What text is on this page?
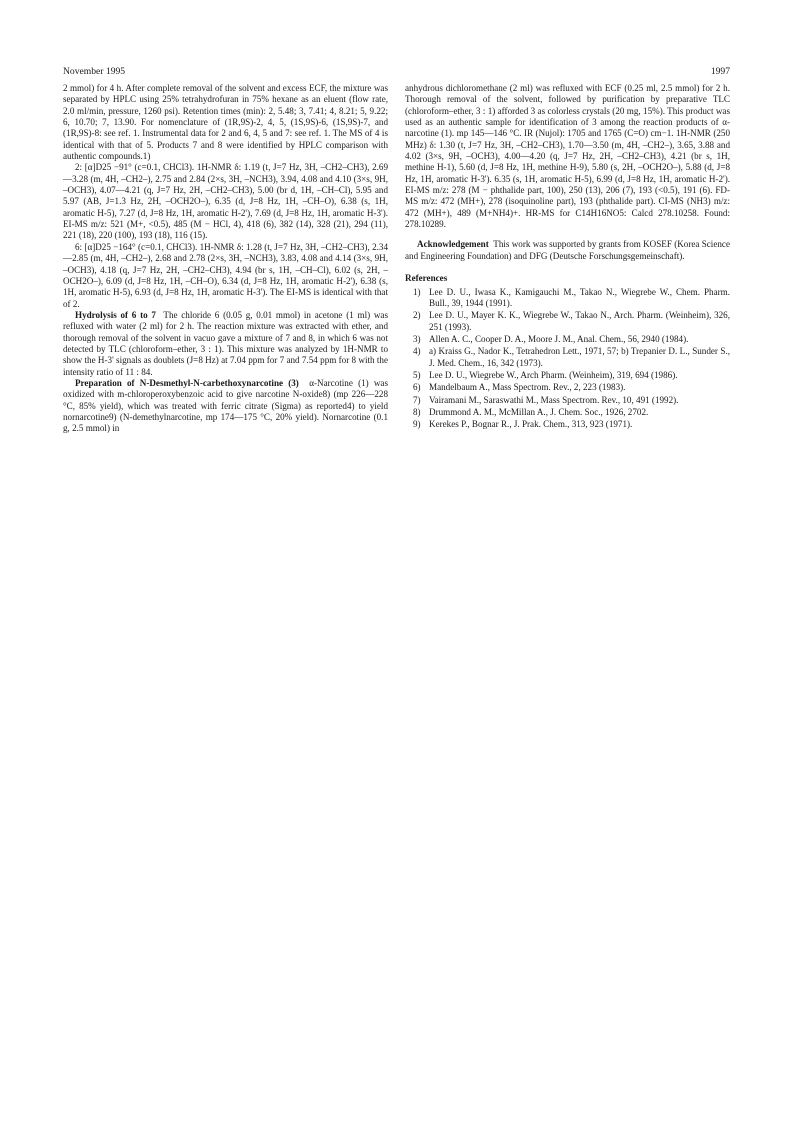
November 1995	1997

2 mmol) for 4 h. After complete removal of the solvent and excess ECF, the mixture was separated by HPLC using 25% tetrahydrofuran in 75% hexane as an eluent (flow rate, 2.0 ml/min, pressure, 1260 psi). Retention times (min): 2, 5.48; 3, 7.41; 4, 8.21; 5, 9.22; 6, 10.70; 7, 13.90. For nomenclature of (1R,9S)-2, 4, 5, (1S,9S)-6, (1S,9S)-7, and (1R,9S)-8: see ref. 1. Instrumental data for 2 and 6, 4, 5 and 7: see ref. 1. The MS of 4 is identical with that of 5. Products 7 and 8 were identified by HPLC comparison with authentic compounds.1)

2: [α]D25 −91° (c=0.1, CHCl3). 1H-NMR δ: 1.19 (t, J=7 Hz, 3H, –CH2–CH3), 2.69—3.28 (m, 4H, –CH2–), 2.75 and 2.84 (2×s, 3H, –NCH3), 3.94, 4.08 and 4.10 (3×s, 9H, –OCH3), 4.07—4.21 (q, J=7 Hz, 2H, –CH2–CH3), 5.00 (br d, 1H, –CH–Cl), 5.95 and 5.97 (AB, J=1.3 Hz, 2H, –OCH2O–), 6.35 (d, J=8 Hz, 1H, –CH–O), 6.38 (s, 1H, aromatic H-5), 7.27 (d, J=8 Hz, 1H, aromatic H-2'), 7.69 (d, J=8 Hz, 1H, aromatic H-3'). EI-MS m/z: 521 (M+, <0.5), 485 (M − HCl, 4), 418 (6), 382 (14), 328 (21), 294 (11), 221 (18), 220 (100), 193 (18), 116 (15).

6: [α]D25 −164° (c=0.1, CHCl3). 1H-NMR δ: 1.28 (t, J=7 Hz, 3H, –CH2–CH3), 2.34—2.85 (m, 4H, –CH2–), 2.68 and 2.78 (2×s, 3H, –NCH3), 3.83, 4.08 and 4.14 (3×s, 9H, –OCH3), 4.18 (q, J=7 Hz, 2H, –CH2–CH3), 4.94 (br s, 1H, –CH–Cl), 6.02 (s, 2H, –OCH2O–), 6.09 (d, J=8 Hz, 1H, –CH–O), 6.34 (d, J=8 Hz, 1H, aromatic H-2'), 6.38 (s, 1H, aromatic H-5), 6.93 (d, J=8 Hz, 1H, aromatic H-3'). The EI-MS is identical with that of 2.

Hydrolysis of 6 to 7 The chloride 6 (0.05 g, 0.01 mmol) in acetone (1 ml) was refluxed with water (2 ml) for 2 h. The reaction mixture was extracted with ether, and thorough removal of the solvent in vacuo gave a mixture of 7 and 8, in which 6 was not detected by TLC (chloroform–ether, 3 : 1). This mixture was analyzed by 1H-NMR to show the H-3' signals as doublets (J=8 Hz) at 7.04 ppm for 7 and 7.54 ppm for 8 with the intensity ratio of 11 : 84.

Preparation of N-Desmethyl-N-carbethoxynarcotine (3) α-Narcotine (1) was oxidized with m-chloroperoxybenzoic acid to give narcotine N-oxide8) (mp 226—228 °C, 85% yield), which was treated with ferric citrate (Sigma) as reported4) to yield nornarcotine9) (N-demethylnarcotine, mp 174—175 °C, 20% yield). Nornarcotine (0.1 g, 2.5 mmol) in

anhydrous dichloromethane (2 ml) was refluxed with ECF (0.25 ml, 2.5 mmol) for 2 h. Thorough removal of the solvent, followed by purification by preparative TLC (chloroform–ether, 3 : 1) afforded 3 as colorless crystals (20 mg, 15%). This product was used as an authentic sample for identification of 3 among the reaction products of α-narcotine (1). mp 145—146 °C. IR (Nujol): 1705 and 1765 (C=O) cm−1. 1H-NMR (250 MHz) δ: 1.30 (t, J=7 Hz, 3H, –CH2–CH3), 1.70—3.50 (m, 4H, –CH2–), 3.65, 3.88 and 4.02 (3×s, 9H, –OCH3), 4.00—4.20 (q, J=7 Hz, 2H, –CH2–CH3), 4.21 (br s, 1H, methine H-1), 5.60 (d, J=8 Hz, 1H, methine H-9), 5.80 (s, 2H, –OCH2O–), 5.88 (d, J=8 Hz, 1H, aromatic H-3'). 6.35 (s, 1H, aromatic H-5), 6.99 (d, J=8 Hz, 1H, aromatic H-2'). EI-MS m/z: 278 (M − phthalide part, 100), 250 (13), 206 (7), 193 (<0.5), 191 (6). FD-MS m/z: 472 (MH+), 278 (isoquinoline part), 193 (phthalide part). CI-MS (NH3) m/z: 472 (MH+), 489 (M+NH4)+. HR-MS for C14H16NO5: Calcd 278.10258. Found: 278.10289.

Acknowledgement This work was supported by grants from KOSEF (Korea Science and Engineering Foundation) and DFG (Deutsche Forschungsgemeinschaft).

References
1) Lee D. U., Iwasa K., Kamigauchi M., Takao N., Wiegrebe W., Chem. Pharm. Bull., 39, 1944 (1991).
2) Lee D. U., Mayer K. K., Wiegrebe W., Takao N., Arch. Pharm. (Weinheim), 326, 251 (1993).
3) Allen A. C., Cooper D. A., Moore J. M., Anal. Chem., 56, 2940 (1984).
4) a) Kraiss G., Nador K., Tetrahedron Lett., 1971, 57; b) Trepanier D. L., Sunder S., J. Med. Chem., 16, 342 (1973).
5) Lee D. U., Wiegrebe W., Arch Pharm. (Weinheim), 319, 694 (1986).
6) Mandelbaum A., Mass Spectrom. Rev., 2, 223 (1983).
7) Vairamani M., Saraswathi M., Mass Spectrom. Rev., 10, 491 (1992).
8) Drummond A. M., McMillan A., J. Chem. Soc., 1926, 2702.
9) Kerekes P., Bognar R., J. Prak. Chem., 313, 923 (1971).
